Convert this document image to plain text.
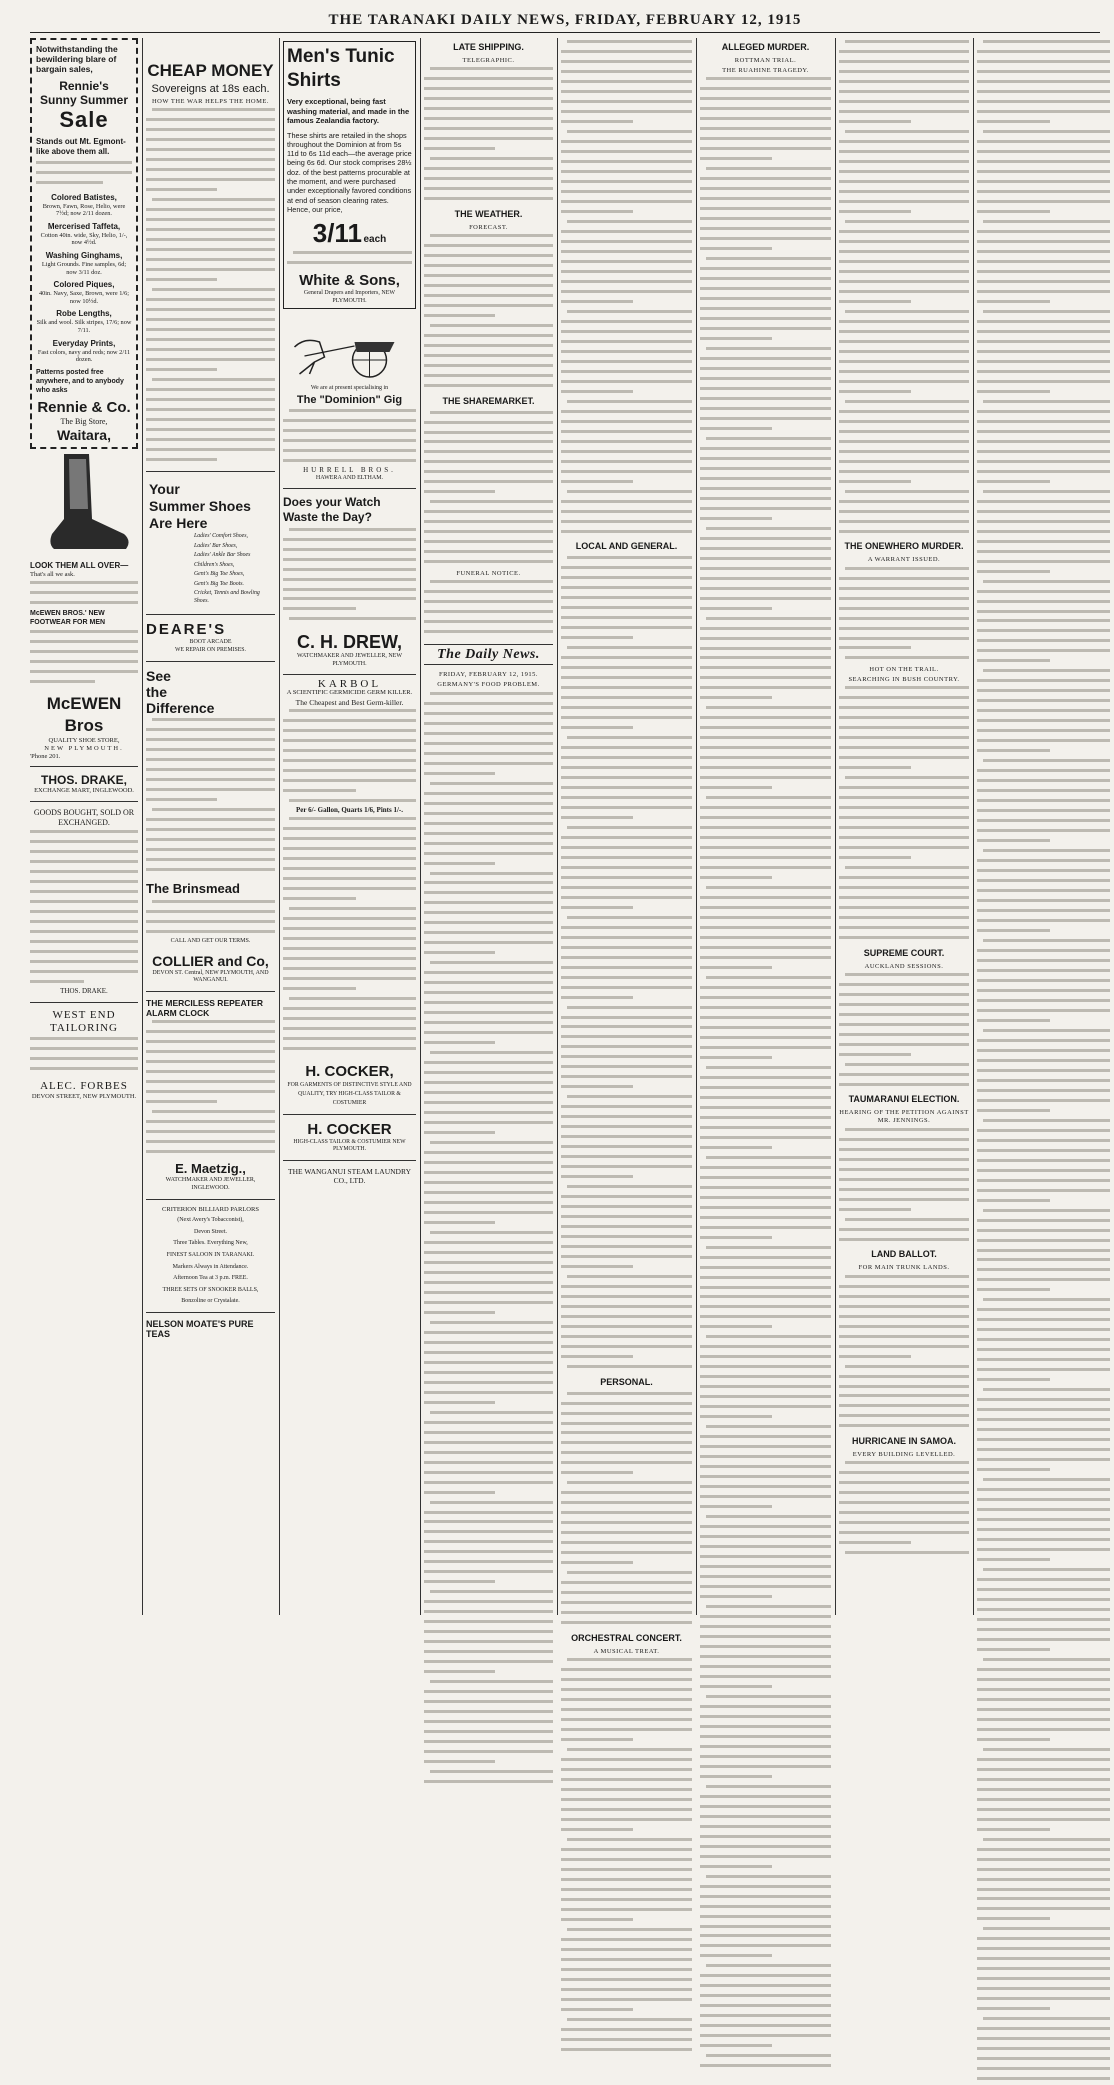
THE TARANAKI DAILY NEWS, FRIDAY, FEBRUARY 12, 1915
Notwithstanding the bewildering blare of bargain sales,
Rennie's
Sunny Summer
Sale
Stands out Mt. Egmont-like above them all.
Colored Batistes,
Brown, Fawn, Rose, Helio, were 7½d; now 2/11 dozen.
Mercerised Taffeta,
Cotton 40in. wide, Sky, Helio, 1/-, now 4½d.
Washing Ginghams,
Light Grounds. Fine samples, 6d; now 3/11 doz.
Colored Piques,
40in. Navy, Saxe, Brown, were 1/6; now 10½d.
Robe Lengths,
Silk and wool. Silk stripes, 17/6; now 7/11.
Everyday Prints,
Fast colors, navy and reds; now 2/11 dozen.
Patterns posted free anywhere, and to anybody who asks
Rennie & Co.
The Big Store,
Waitara,
LOOK THEM ALL OVER—
That's all we ask.
McEWEN BROS.' NEW FOOTWEAR FOR MEN
McEWEN Bros
QUALITY SHOE STORE,
NEW PLYMOUTH.
'Phone 201.
THOS. DRAKE,
EXCHANGE MART, INGLEWOOD.
GOODS BOUGHT, SOLD OR EXCHANGED.
THOS. DRAKE.
WEST END TAILORING
ALEC. FORBES
DEVON STREET, NEW PLYMOUTH.
CHEAP MONEY
Sovereigns at 18s each.
HOW THE WAR HELPS THE HOME.
Your
Summer Shoes
Are Here
Ladies' Comfort Shoes,
Ladies' Bar Shoes,
Ladies' Ankle Bar Shoes
Children's Shoes,
Gent's Big Toe Shoes,
Gent's Big Toe Boots.
Cricket, Tennis and Bowling Shoes.
DEARE'S
BOOT ARCADE
WE REPAIR ON PREMISES.
See
the
Difference
The Brinsmead
CALL AND GET OUR TERMS.
COLLIER and Co,
DEVON ST. Central, NEW PLYMOUTH, AND WANGANUI.
THE MERCILESS REPEATER ALARM CLOCK
E. Maetzig.,
WATCHMAKER AND JEWELLER, INGLEWOOD.
CRITERION BILLIARD PARLORS
(Next Avery's Tobacconist),
Devon Street.
Three Tables. Everything New,
FINEST SALOON IN TARANAKI.
Markers Always in Attendance.
Afternoon Tea at 3 p.m. FREE.
THREE SETS OF SNOOKER BALLS,
Bonzoline or Crystalate.
NELSON MOATE'S PURE TEAS
Men's Tunic Shirts
Very exceptional, being fast washing material, and made in the famous Zealandia factory.
These shirts are retailed in the shops throughout the Dominion at from 5s 11d to 6s 11d each—the average price being 6s 6d. Our stock comprises 28½ doz. of the best patterns procurable at the moment, and were purchased under exceptionally favored conditions at end of season clearing rates. Hence, our price,
3/11 each
White & Sons,
General Drapers and Importers, NEW PLYMOUTH.
We are at present specialising in
The "Dominion" Gig
HURRELL BROS.
HAWERA AND ELTHAM.
Does your Watch Waste the Day?
C. H. DREW,
WATCHMAKER AND JEWELLER, NEW PLYMOUTH.
KARBOL
A SCIENTIFIC GERMICIDE GERM KILLER.
The Cheapest and Best Germ-killer.
Per 6/- Gallon, Quarts 1/6, Pints 1/-.
H. COCKER,
FOR GARMENTS OF DISTINCTIVE STYLE AND QUALITY, TRY HIGH-CLASS TAILOR & COSTUMIER
H. COCKER
HIGH-CLASS TAILOR & COSTUMIER NEW PLYMOUTH.
THE WANGANUI STEAM LAUNDRY CO., LTD.
LATE SHIPPING.
TELEGRAPHIC.
THE WEATHER.
FORECAST.
THE SHAREMARKET.
FUNERAL NOTICE.
The Daily News.
FRIDAY, FEBRUARY 12, 1915.
GERMANY'S FOOD PROBLEM.
LOCAL AND GENERAL.
PERSONAL.
ORCHESTRAL CONCERT.
A MUSICAL TREAT.
ALLEGED MURDER.
ROTTMAN TRIAL.
THE RUAHINE TRAGEDY.
THE ONEWHERO MURDER.
A WARRANT ISSUED.
HOT ON THE TRAIL.
SEARCHING IN BUSH COUNTRY.
SUPREME COURT.
AUCKLAND SESSIONS.
TAUMARANUI ELECTION.
HEARING OF THE PETITION AGAINST MR. JENNINGS.
LAND BALLOT.
FOR MAIN TRUNK LANDS.
HURRICANE IN SAMOA.
EVERY BUILDING LEVELLED.
